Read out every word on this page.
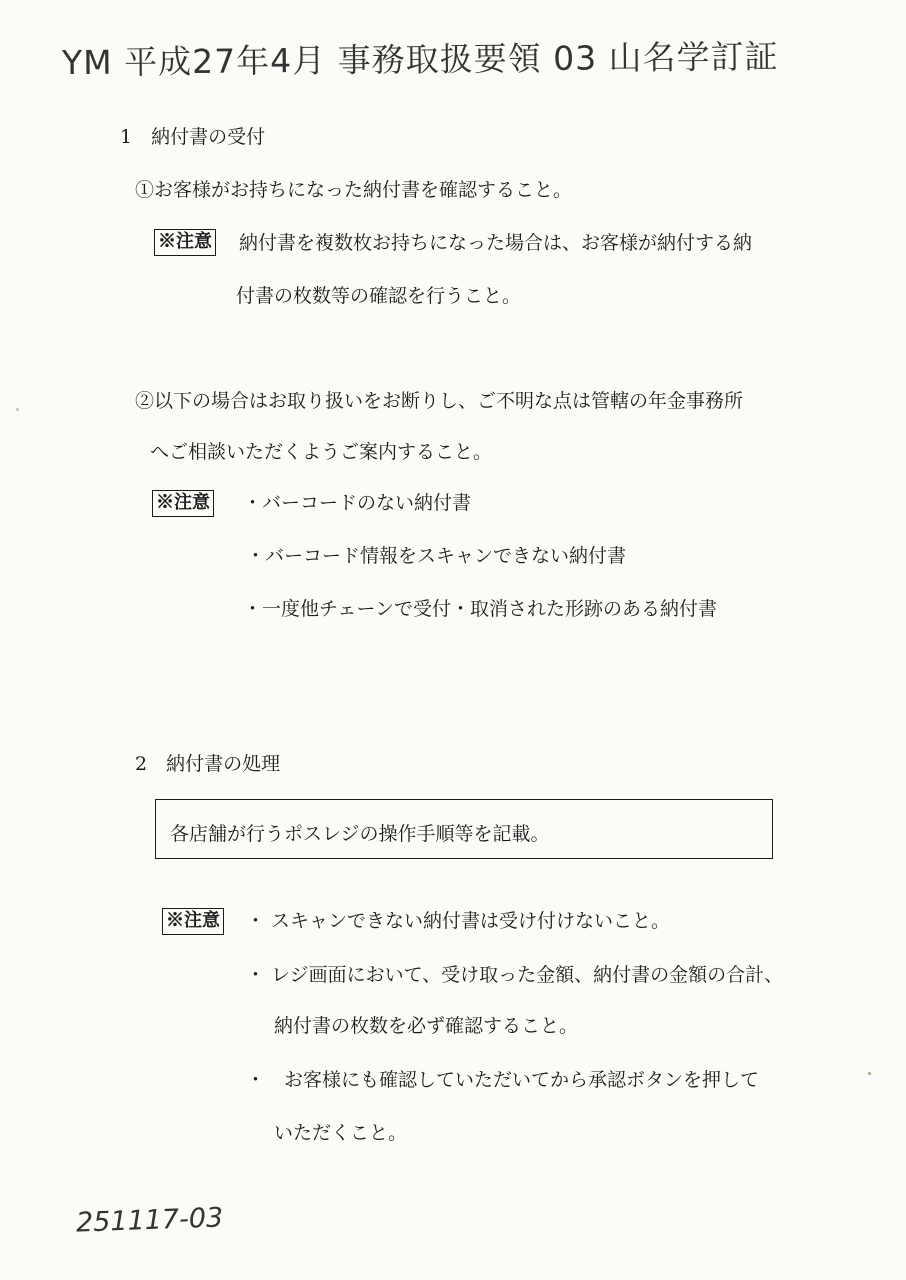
YM 平成27年4月 事務取扱要領 03 山名学訂証
1　納付書の受付
①お客様がお持ちになった納付書を確認すること。
※注意 納付書を複数枚お持ちになった場合は、お客様が納付する納
付書の枚数等の確認を行うこと。
②以下の場合はお取り扱いをお断りし、ご不明な点は管轄の年金事務所
へご相談いただくようご案内すること。
※注意 ・バーコードのない納付書
・バーコード情報をスキャンできない納付書
・一度他チェーンで受付・取消された形跡のある納付書
2　納付書の処理
各店舗が行うポスレジの操作手順等を記載。
※注意 ・ スキャンできない納付書は受け付けないこと。
・ レジ画面において、受け取った金額、納付書の金額の合計、
納付書の枚数を必ず確認すること。
・　お客様にも確認していただいてから承認ボタンを押して
いただくこと。
251117-03
